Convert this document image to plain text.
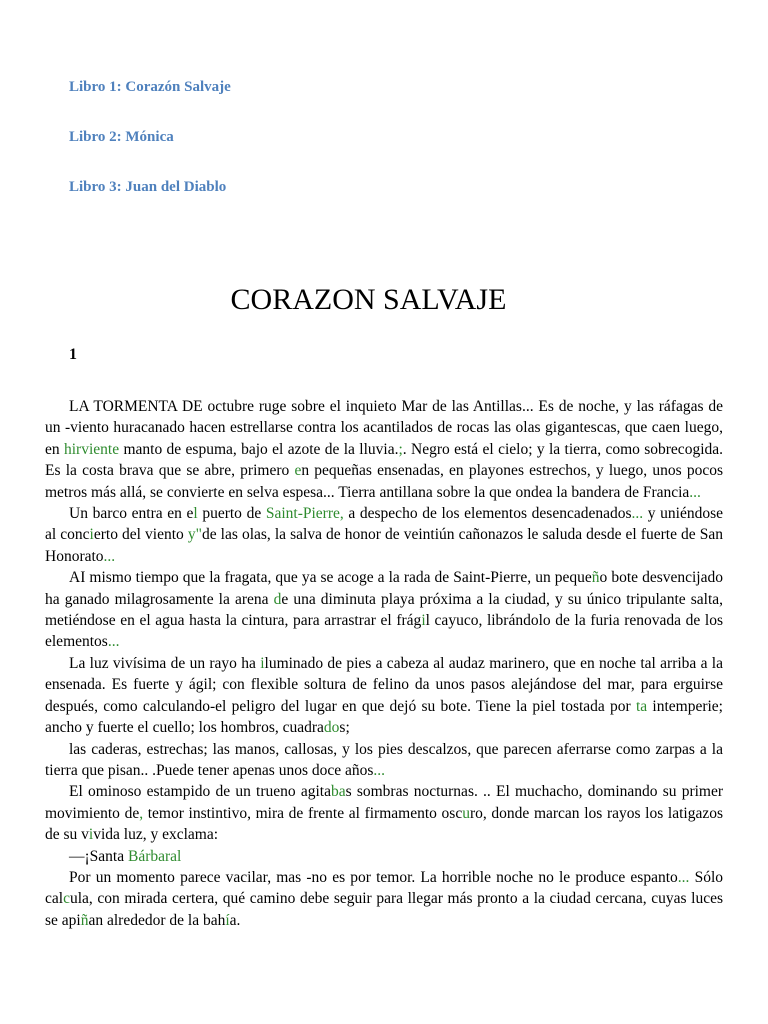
Libro 1: Corazón Salvaje
Libro 2: Mónica
Libro 3: Juan del Diablo
CORAZON SALVAJE

1

LA TORMENTA DE octubre ruge sobre el inquieto Mar de las Antillas... Es de noche, y las ráfagas de un -viento huracanado hacen estrellarse contra los acantilados de rocas las olas gigantescas, que caen luego, en hirviente manto de espuma, bajo el azote de la lluvia.;. Negro está el cielo; y la tierra, como sobrecogida. Es la costa brava que se abre, primero en pequeñas ensenadas, en playones estrechos, y luego, unos pocos metros más allá, se convierte en selva espesa... Tierra antillana sobre la que ondea la bandera de Francia...

Un barco entra en el puerto de Saint-Pierre, a despecho de los elementos desencadenados... y uniéndose al concierto del viento y"de las olas, la salva de honor de veintiún cañonazos le saluda desde el fuerte de San Honorato...

AI mismo tiempo que la fragata, que ya se acoge a la rada de Saint-Pierre, un pequeño bote desvencijado ha ganado milagrosamente la arena de una diminuta playa próxima a la ciudad, y su único tripulante salta, metiéndose en el agua hasta la cintura, para arrastrar el frágil cayuco, librándolo de la furia renovada de los elementos...

La luz vivísima de un rayo ha iluminado de pies a cabeza al audaz marinero, que en noche tal arriba a la ensenada. Es fuerte y ágil; con flexible soltura de felino da unos pasos alejándose del mar, para erguirse después, como calculando-el peligro del lugar en que dejó su bote. Tiene la piel tostada por ta intemperie; ancho y fuerte el cuello; los hombros, cuadrados;

las caderas, estrechas; las manos, callosas, y los pies descalzos, que parecen aferrarse como zarpas a la tierra que pisan.. .Puede tener apenas unos doce años...

El ominoso estampido de un trueno agitabas sombras nocturnas. .. El muchacho, dominando su primer movimiento de, temor instintivo, mira de frente al firmamento oscuro, donde marcan los rayos los latigazos de su vivida luz, y exclama:

—¡Santa Bárbaral

Por un momento parece vacilar, mas -no es por temor. La horrible noche no le produce espanto... Sólo calcula, con mirada certera, qué camino debe seguir para llegar más pronto a la ciudad cercana, cuyas luces se apiñan alrededor de la bahía.
